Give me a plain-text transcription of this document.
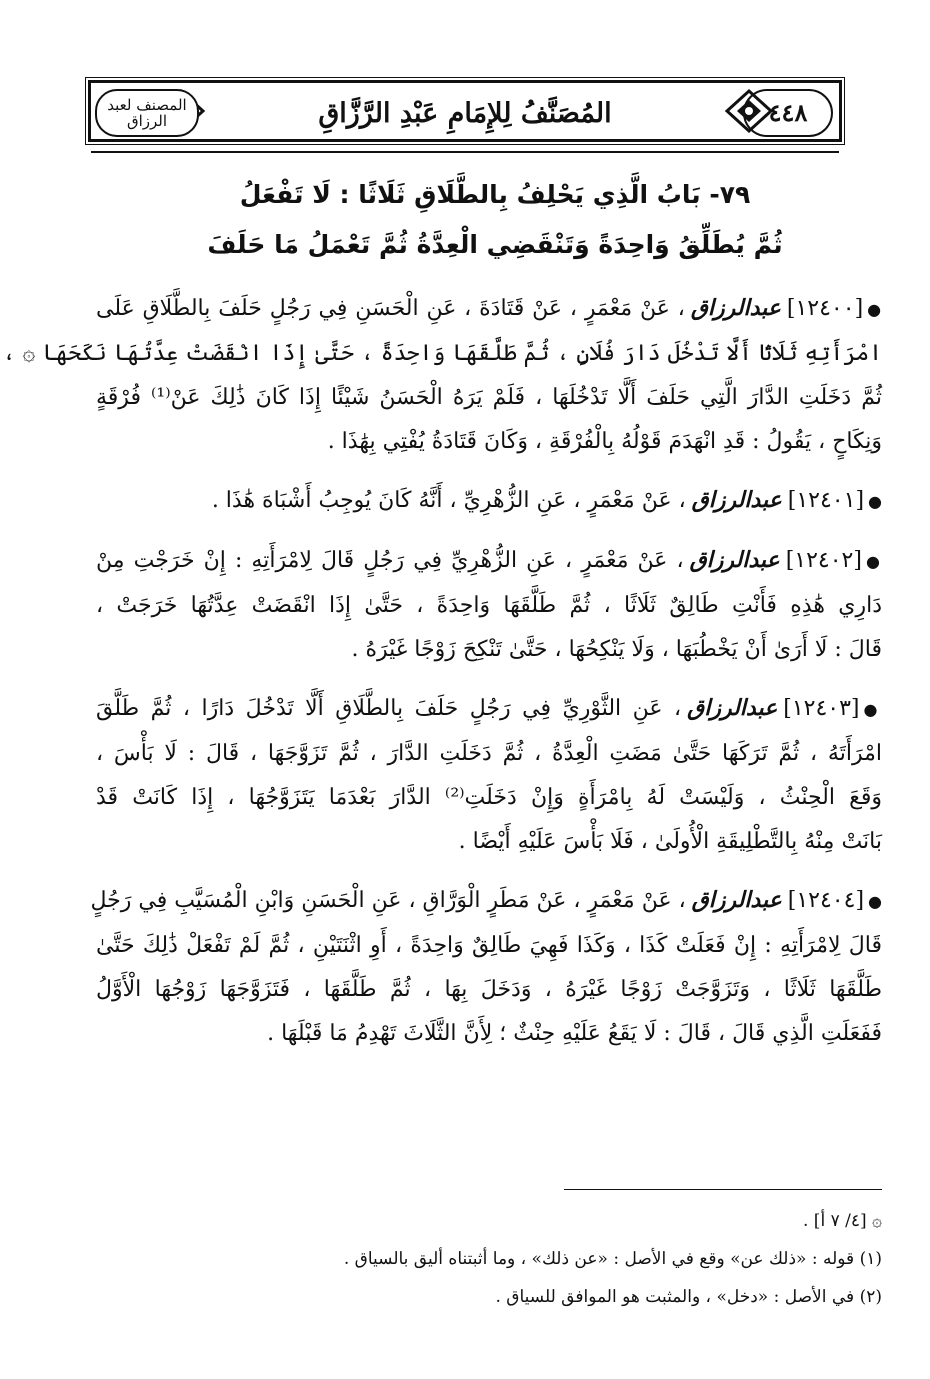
٤٤٨
المُصَنَّفُ لِلإِمَامِ عَبْدِ الرَّزَّاقِ
المصنف لعبد الرزاق
٧٩- بَابُ الَّذِي يَحْلِفُ بِالطَّلَاقِ ثَلَاثًا : لَا تَفْعَلُ
ثُمَّ يُطَلِّقُ وَاحِدَةً وَتَنْقَضِي الْعِدَّةُ ثُمَّ تَعْمَلُ مَا حَلَفَ
●[١٢٤٠٠]عبدالرزاق، عَنْ مَعْمَرٍ ، عَنْ قَتَادَةَ ، عَنِ الْحَسَنِ فِي رَجُلٍ حَلَفَ بِالطَّلَاقِ عَلَى
امْرَأَتِهِ ثَلَاثًا أَلَّا تَدْخُلَ دَارَ فُلَانٍ ، ثُمَّ طَلَّقَهَا وَاحِدَةً ، حَتَّىٰ إِذَا انْقَضَتْ عِدَّتُهَا نَكَحَهَا ۞ ،
ثُمَّ دَخَلَتِ الدَّارَ الَّتِي حَلَفَ أَلَّا تَدْخُلَهَا ، فَلَمْ يَرَهُ الْحَسَنُ شَيْئًا إِذَا كَانَ ذَٰلِكَ عَنْ⁽¹⁾ فُرْقَةٍ
وَنِكَاحٍ ، يَقُولُ : قَدِ انْهَدَمَ قَوْلُهُ بِالْفُرْقَةِ ، وَكَانَ قَتَادَةُ يُفْتِي بِهَٰذَا .
●[١٢٤٠١]عبدالرزاق، عَنْ مَعْمَرٍ ، عَنِ الزُّهْرِيِّ ، أَنَّهُ كَانَ يُوجِبُ أَشْبَاهَ هَٰذَا .
●[١٢٤٠٢]عبدالرزاق، عَنْ مَعْمَرٍ ، عَنِ الزُّهْرِيِّ فِي رَجُلٍ قَالَ لِامْرَأَتِهِ : إِنْ خَرَجْتِ مِنْ
دَارِي هَٰذِهِ فَأَنْتِ طَالِقٌ ثَلَاثًا ، ثُمَّ طَلَّقَهَا وَاحِدَةً ، حَتَّىٰ إِذَا انْقَضَتْ عِدَّتُهَا خَرَجَتْ ،
قَالَ : لَا أَرَىٰ أَنْ يَخْطُبَهَا ، وَلَا يَنْكِحُهَا ، حَتَّىٰ تَنْكِحَ زَوْجًا غَيْرَهُ .
●[١٢٤٠٣]عبدالرزاق، عَنِ الثَّوْرِيِّ فِي رَجُلٍ حَلَفَ بِالطَّلَاقِ أَلَّا تَدْخُلَ دَارًا ، ثُمَّ طَلَّقَ
امْرَأَتَهُ ، ثُمَّ تَرَكَهَا حَتَّىٰ مَضَتِ الْعِدَّةُ ، ثُمَّ دَخَلَتِ الدَّارَ ، ثُمَّ تَزَوَّجَهَا ، قَالَ : لَا بَأْسَ ،
وَقَعَ الْحِنْثُ ، وَلَيْسَتْ لَهُ بِامْرَأَةٍ وَإِنْ دَخَلَتِ⁽²⁾ الدَّارَ بَعْدَمَا يَتَزَوَّجُهَا ، إِذَا كَانَتْ قَدْ
بَانَتْ مِنْهُ بِالتَّطْلِيقَةِ الْأُولَىٰ ، فَلَا بَأْسَ عَلَيْهِ أَيْضًا .
●[١٢٤٠٤]عبدالرزاق، عَنْ مَعْمَرٍ ، عَنْ مَطَرٍ الْوَرَّاقِ ، عَنِ الْحَسَنِ وَابْنِ الْمُسَيَّبِ فِي رَجُلٍ
قَالَ لِامْرَأَتِهِ : إِنْ فَعَلَتْ كَذَا ، وَكَذَا فَهِيَ طَالِقٌ وَاحِدَةً ، أَوِ اثْنَتَيْنِ ، ثُمَّ لَمْ تَفْعَلْ ذَٰلِكَ حَتَّىٰ
طَلَّقَهَا ثَلَاثًا ، وَتَزَوَّجَتْ زَوْجًا غَيْرَهُ ، وَدَخَلَ بِهَا ، ثُمَّ طَلَّقَهَا ، فَتَزَوَّجَهَا زَوْجُهَا الْأَوَّلُ
فَفَعَلَتِ الَّذِي قَالَ ، قَالَ : لَا يَقَعُ عَلَيْهِ حِنْثٌ ؛ لِأَنَّ الثَّلَاثَ تَهْدِمُ مَا قَبْلَهَا .
۞ [٤/ ٧ أ] .
(١) قوله : «ذلك عن» وقع في الأصل : «عن ذلك» ، وما أثبتناه أليق بالسياق .
(٢) في الأصل : «دخل» ، والمثبت هو الموافق للسياق .
